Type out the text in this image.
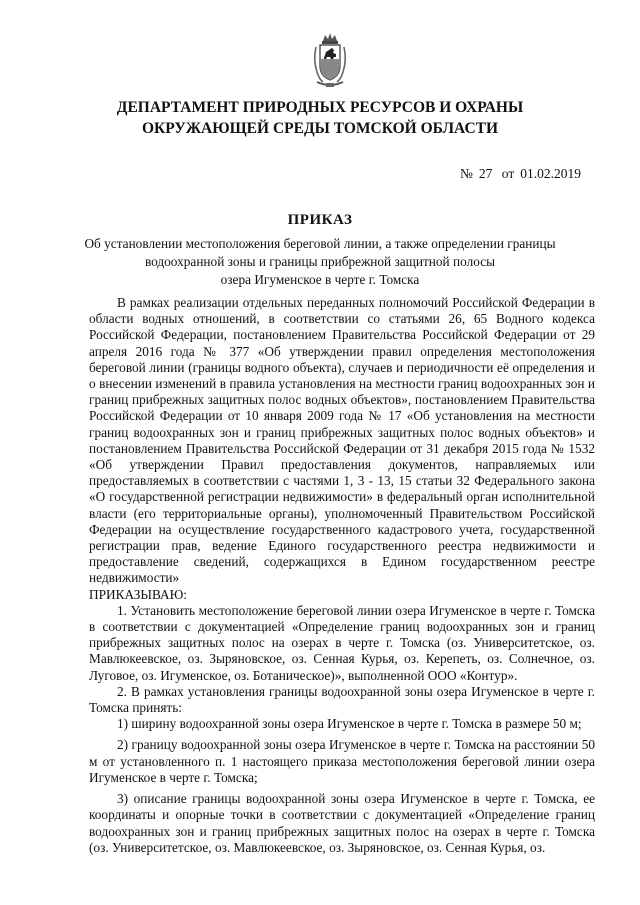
ДЕПАРТАМЕНТ ПРИРОДНЫХ РЕСУРСОВ И ОХРАНЫ
ОКРУЖАЮЩЕЙ СРЕДЫ ТОМСКОЙ ОБЛАСТИ
№ 27 от 01.02.2019
ПРИКАЗ
Об установлении местоположения береговой линии, а также определении границы
водоохранной зоны и границы прибрежной защитной полосы
озера Игуменское в черте г. Томска

В рамках реализации отдельных переданных полномочий Российской Федерации в области водных отношений, в соответствии со статьями 26, 65 Водного кодекса Российской Федерации, постановлением Правительства Российской Федерации от 29 апреля 2016 года № 377 «Об утверждении правил определения местоположения береговой линии (границы водного объекта), случаев и периодичности её определения и о внесении изменений в правила установления на местности границ водоохранных зон и границ прибрежных защитных полос водных объектов», постановлением Правительства Российской Федерации от 10 января 2009 года № 17 «Об установления на местности границ водоохранных зон и границ прибрежных защитных полос водных объектов» и постановлением Правительства Российской Федерации от 31 декабря 2015 года № 1532 «Об утверждении Правил предоставления документов, направляемых или предоставляемых в соответствии с частями 1, 3 - 13, 15 статьи 32 Федерального закона «О государственной регистрации недвижимости» в федеральный орган исполнительной власти (его территориальные органы), уполномоченный Правительством Российской Федерации на осуществление государственного кадастрового учета, государственной регистрации прав, ведение Единого государственного реестра недвижимости и предоставление сведений, содержащихся в Едином государственном реестре недвижимости»

ПРИКАЗЫВАЮ:

1. Установить местоположение береговой линии озера Игуменское в черте г. Томска в соответствии с документацией «Определение границ водоохранных зон и границ прибрежных защитных полос на озерах в черте г. Томска (оз. Университетское, оз. Мавлюкеевское, оз. Зыряновское, оз. Сенная Курья, оз. Керепеть, оз. Солнечное, оз. Луговое, оз. Игуменское, оз. Ботаническое)», выполненной ООО «Контур».

2. В рамках установления границы водоохранной зоны озера Игуменское в черте г. Томска принять:

1) ширину водоохранной зоны озера Игуменское в черте г. Томска в размере 50 м;

2) границу водоохранной зоны озера Игуменское в черте г. Томска на расстоянии 50 м от установленного п. 1 настоящего приказа местоположения береговой линии озера Игуменское в черте г. Томска;

3) описание границы водоохранной зоны озера Игуменское в черте г. Томска, ее координаты и опорные точки в соответствии с документацией «Определение границ водоохранных зон и границ прибрежных защитных полос на озерах в черте г. Томска (оз. Университетское, оз. Мавлюкеевское, оз. Зыряновское, оз. Сенная Курья, оз.
